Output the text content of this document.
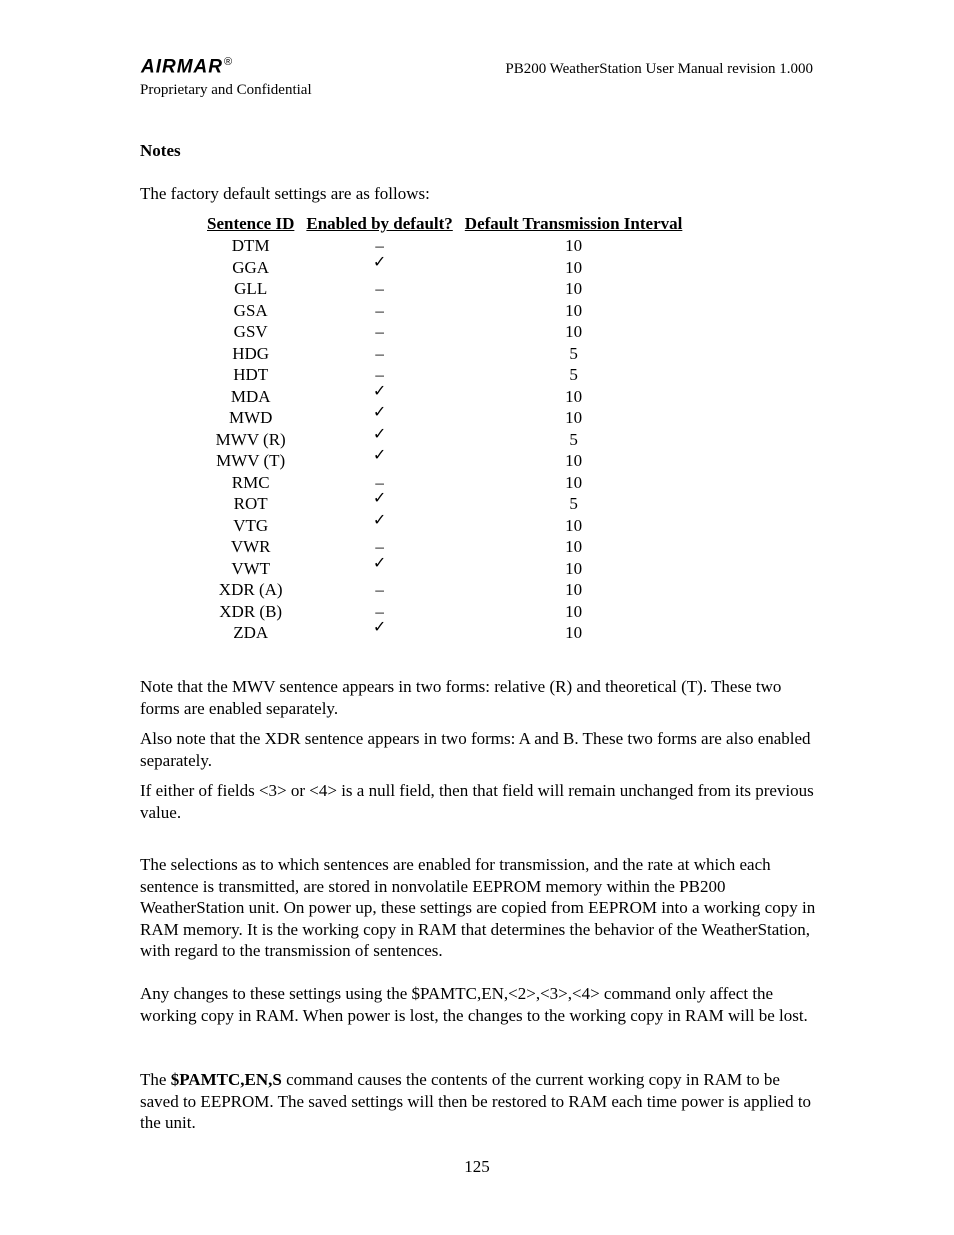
AIRMAR®
Proprietary and Confidential
PB200 WeatherStation User Manual revision 1.000
Notes
The factory default settings are as follows:
Sentence ID	Enabled by default?	Default Transmission Interval
DTM	–	10
GGA	✓	10
GLL	–	10
GSA	–	10
GSV	–	10
HDG	–	5
HDT	–	5
MDA	✓	10
MWD	✓	10
MWV (R)	✓	5
MWV (T)	✓	10
RMC	–	10
ROT	✓	5
VTG	✓	10
VWR	–	10
VWT	✓	10
XDR (A)	–	10
XDR (B)	–	10
ZDA	✓	10
Note that the MWV sentence appears in two forms: relative (R) and theoretical (T). These two forms are enabled separately.
Also note that the XDR sentence appears in two forms: A and B. These two forms are also enabled separately.
If either of fields <3> or <4> is a null field, then that field will remain unchanged from its previous value.
The selections as to which sentences are enabled for transmission, and the rate at which each sentence is transmitted, are stored in nonvolatile EEPROM memory within the PB200 WeatherStation unit. On power up, these settings are copied from EEPROM into a working copy in RAM memory. It is the working copy in RAM that determines the behavior of the WeatherStation, with regard to the transmission of sentences.
Any changes to these settings using the $PAMTC,EN,<2>,<3>,<4> command only affect the working copy in RAM. When power is lost, the changes to the working copy in RAM will be lost.
The $PAMTC,EN,S command causes the contents of the current working copy in RAM to be saved to EEPROM. The saved settings will then be restored to RAM each time power is applied to the unit.
125
